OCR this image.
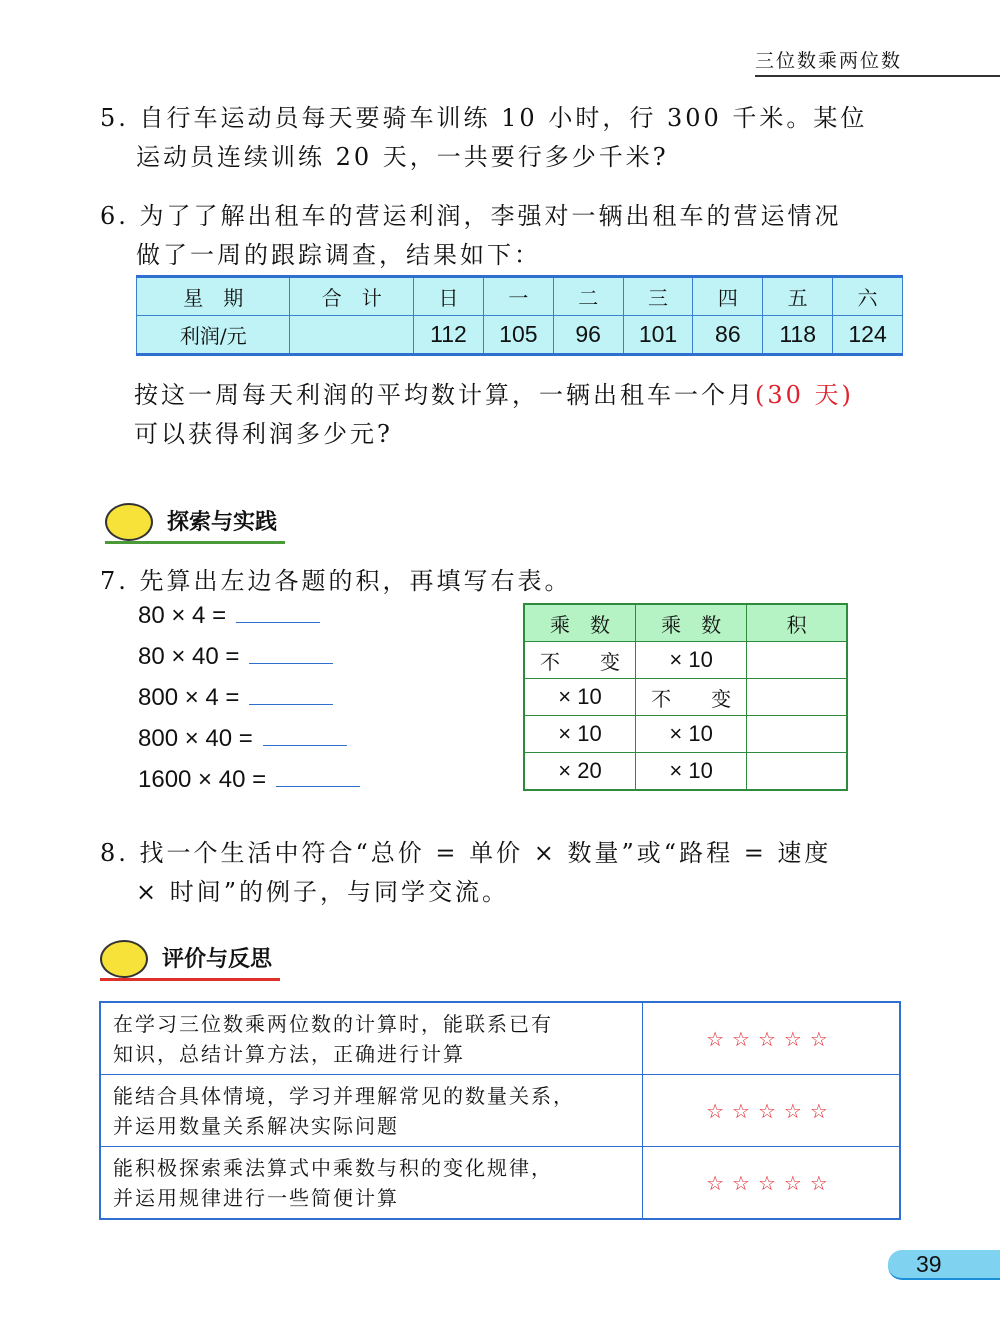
三位数乘两位数
5. 自行车运动员每天要骑车训练 10 小时，行 300 千米。某位
运动员连续训练 20 天，一共要行多少千米?
6. 为了了解出租车的营运利润，李强对一辆出租车的营运情况
做了一周的跟踪调查，结果如下：
星　期	合　计	日	一	二	三	四	五	六
利润/元		112	105	96	101	86	118	124
按这一周每天利润的平均数计算，一辆出租车一个月(30 天)
可以获得利润多少元?
探索与实践
7. 先算出左边各题的积，再填写右表。
80 × 4 =
80 × 40 =
800 × 4 =
800 × 40 =
1600 × 40 =
乘　数	乘　数	积
不　　变	× 10	
× 10	不　　变	
× 10	× 10	
× 20	× 10	
8. 找一个生活中符合“总价 = 单价 × 数量”或“路程 = 速度
× 时间”的例子，与同学交流。
评价与反思
在学习三位数乘两位数的计算时，能联系已有
知识，总结计算方法，正确进行计算	☆☆☆☆☆

能结合具体情境，学习并理解常见的数量关系，
并运用数量关系解决实际问题	☆☆☆☆☆

能积极探索乘法算式中乘数与积的变化规律，
并运用规律进行一些简便计算	☆☆☆☆☆
39
